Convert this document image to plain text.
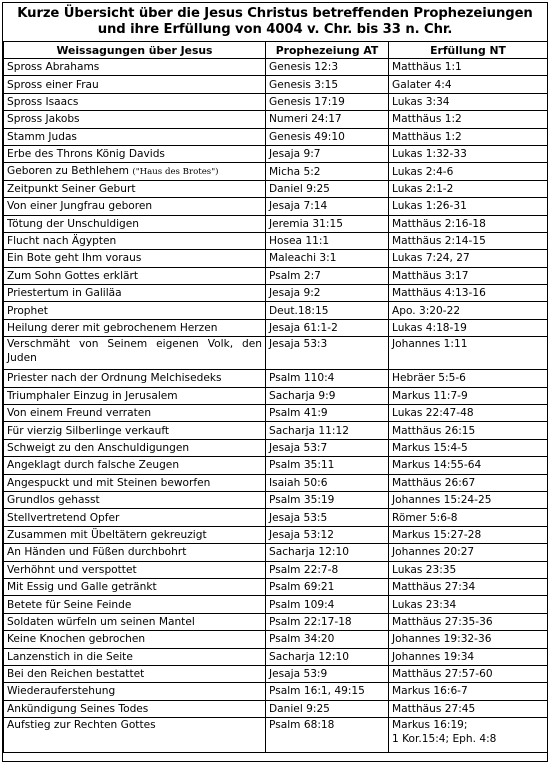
Kurze Übersicht über die Jesus Christus betreffenden Prophezeiungen
und ihre Erfüllung von 4004 v. Chr. bis 33 n. Chr.
Weissagungen über Jesus	Prophezeiung AT	Erfüllung NT
Spross Abrahams	Genesis 12:3	Matthäus 1:1
Spross einer Frau	Genesis 3:15	Galater 4:4
Spross Isaacs	Genesis 17:19	Lukas 3:34
Spross Jakobs	Numeri 24:17	Matthäus 1:2
Stamm Judas	Genesis 49:10	Matthäus 1:2
Erbe des Throns König Davids	Jesaja 9:7	Lukas 1:32-33
Geboren zu Bethlehem ("Haus des Brotes")	Micha 5:2	Lukas 2:4-6
Zeitpunkt Seiner Geburt	Daniel 9:25	Lukas 2:1-2
Von einer Jungfrau geboren	Jesaja 7:14	Lukas 1:26-31
Tötung der Unschuldigen	Jeremia 31:15	Matthäus 2:16-18
Flucht nach Ägypten	Hosea 11:1	Matthäus 2:14-15
Ein Bote geht Ihm voraus	Maleachi 3:1	Lukas 7:24, 27
Zum Sohn Gottes erklärt	Psalm 2:7	Matthäus 3:17
Priestertum in Galiläa	Jesaja 9:2	Matthäus 4:13-16
Prophet	Deut.18:15	Apo. 3:20-22
Heilung derer mit gebrochenem Herzen	Jesaja 61:1-2	Lukas 4:18-19
Verschmäht von Seinem eigenen Volk, den Juden	Jesaja 53:3	Johannes 1:11
Priester nach der Ordnung Melchisedeks	Psalm 110:4	Hebräer 5:5-6
Triumphaler Einzug in Jerusalem	Sacharja 9:9	Markus 11:7-9
Von einem Freund verraten	Psalm 41:9	Lukas 22:47-48
Für vierzig Silberlinge verkauft	Sacharja 11:12	Matthäus 26:15
Schweigt zu den Anschuldigungen	Jesaja 53:7	Markus 15:4-5
Angeklagt durch falsche Zeugen	Psalm 35:11	Markus 14:55-64
Angespuckt und mit Steinen beworfen	Isaiah 50:6	Matthäus 26:67
Grundlos gehasst	Psalm 35:19	Johannes 15:24-25
Stellvertretend Opfer	Jesaja 53:5	Römer 5:6-8
Zusammen mit Übeltätern gekreuzigt	Jesaja 53:12	Markus 15:27-28
An Händen und Füßen durchbohrt	Sacharja 12:10	Johannes 20:27
Verhöhnt und verspottet	Psalm 22:7-8	Lukas 23:35
Mit Essig und Galle getränkt	Psalm 69:21	Matthäus 27:34
Betete für Seine Feinde	Psalm 109:4	Lukas 23:34
Soldaten würfeln um seinen Mantel	Psalm 22:17-18	Matthäus 27:35-36
Keine Knochen gebrochen	Psalm 34:20	Johannes 19:32-36
Lanzenstich in die Seite	Sacharja 12:10	Johannes 19:34
Bei den Reichen bestattet	Jesaja 53:9	Matthäus 27:57-60
Wiederauferstehung	Psalm 16:1, 49:15	Markus 16:6-7
Ankündigung Seines Todes	Daniel 9:25	Matthäus 27:45
Aufstieg zur Rechten Gottes	Psalm 68:18	Markus 16:19;
1 Kor.15:4; Eph. 4:8
